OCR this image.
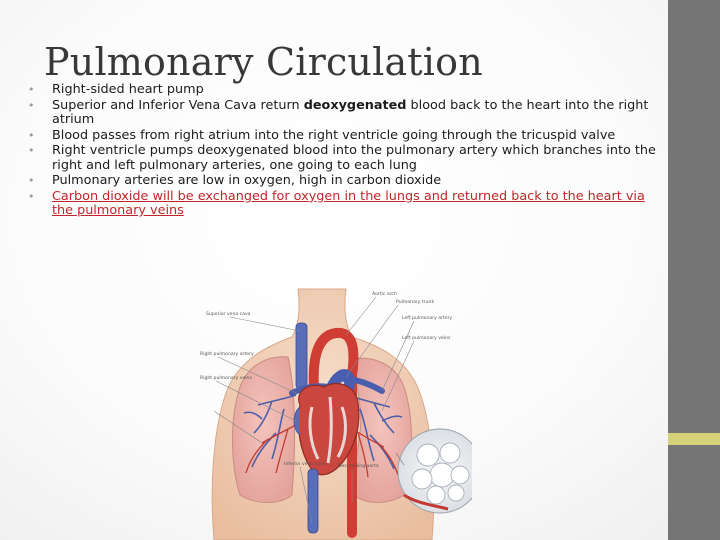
Pulmonary Circulation
• Right-sided heart pump
• Superior and Inferior Vena Cava return deoxygenated blood back to the heart into the right atrium
• Blood passes from right atrium into the right ventricle going through the tricuspid valve
• Right ventricle pumps deoxygenated blood into the pulmonary artery which branches into the right and left pulmonary arteries, one going to each lung
• Pulmonary arteries are low in oxygen, high in carbon dioxide
• Carbon dioxide will be exchanged for oxygen in the lungs and returned back to the heart via the pulmonary veins
Aortic arch
Pulmonary trunk
Left pulmonary artery
Left pulmonary veins
Superior vena cava
Right pulmonary artery
Right pulmonary veins
Inferior vena cava	Descending aorta
